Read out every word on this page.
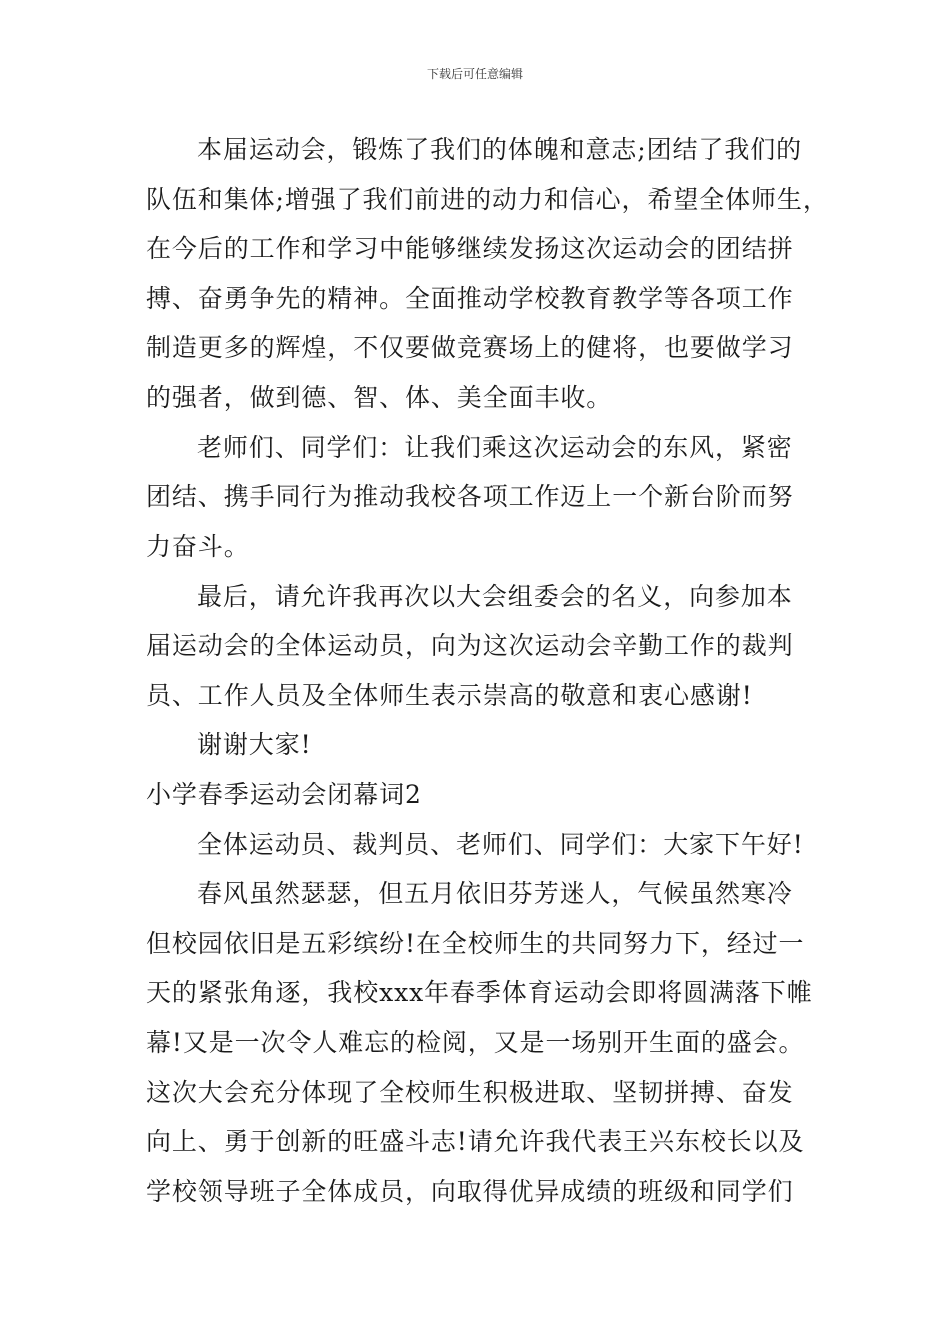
下载后可任意编辑
本届运动会，锻炼了我们的体魄和意志;团结了我们的
队伍和集体;增强了我们前进的动力和信心，希望全体师生，
在今后的工作和学习中能够继续发扬这次运动会的团结拼
搏、奋勇争先的精神。全面推动学校教育教学等各项工作
制造更多的辉煌，不仅要做竞赛场上的健将，也要做学习
的强者，做到德、智、体、美全面丰收。
老师们、同学们：让我们乘这次运动会的东风，紧密
团结、携手同行为推动我校各项工作迈上一个新台阶而努
力奋斗。
最后，请允许我再次以大会组委会的名义，向参加本
届运动会的全体运动员，向为这次运动会辛勤工作的裁判
员、工作人员及全体师生表示崇高的敬意和衷心感谢!
谢谢大家!
小学春季运动会闭幕词2
全体运动员、裁判员、老师们、同学们：大家下午好!
春风虽然瑟瑟，但五月依旧芬芳迷人，气候虽然寒冷
但校园依旧是五彩缤纷!在全校师生的共同努力下，经过一
天的紧张角逐，我校xxx年春季体育运动会即将圆满落下帷
幕!又是一次令人难忘的检阅，又是一场别开生面的盛会。
这次大会充分体现了全校师生积极进取、坚韧拼搏、奋发
向上、勇于创新的旺盛斗志!请允许我代表王兴东校长以及
学校领导班子全体成员，向取得优异成绩的班级和同学们
